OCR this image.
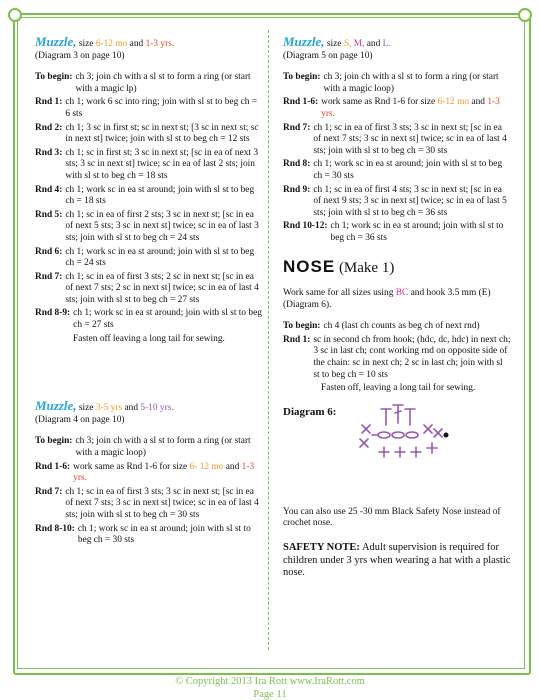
Muzzle, size 6-12 mo and 1-3 yrs.

(Diagram 3 on page 10)

To begin: ch 3; join ch with a sl st to form a ring (or start with a magic lp)
Rnd 1: ch 1; work 6 sc into ring; join with sl st to beg ch = 6 sts
Rnd 2: ch 1; 3 sc in first st; sc in next st; [3 sc in next st; sc in next st] twice; join with sl st to beg ch = 12 sts
Rnd 3: ch 1; sc in first st; 3 sc in next st; [sc in ea of next 3 sts; 3 sc in next st] twice; sc in ea of last 2 sts; join with sl st to beg ch = 18 sts
Rnd 4: ch 1; work sc in ea st around; join with sl st to beg ch = 18 sts
Rnd 5: ch 1; sc in ea of first 2 sts; 3 sc in next st; [sc in ea of next 5 sts; 3 sc in next st] twice; sc in ea of last 3 sts; join with sl st to beg ch = 24 sts
Rnd 6: ch 1; work sc in ea st around; join with sl st to beg ch = 24 sts
Rnd 7: ch 1; sc in ea of first 3 sts; 2 sc in next st; [sc in ea of next 7 sts; 2 sc in next st] twice; sc in ea of last 4 sts; join with sl st to beg ch = 27 sts
Rnd 8-9: ch 1; work sc in ea st around; join with sl st to beg ch = 27 sts

Fasten off leaving a long tail for sewing.

Muzzle, size 3-5 yrs and 5-10 yrs.

(Diagram 4 on page 10)

To begin: ch 3; join ch with a sl st to form a ring (or start with a magic loop)
Rnd 1-6: work same as Rnd 1-6 for size 6- 12 mo and 1-3 yrs.
Rnd 7: ch 1; sc in ea of first 3 sts; 3 sc in next st; [sc in ea of next 7 sts; 3 sc in next st] twice; sc in ea of last 4 sts; join with sl st to beg ch = 30 sts
Rnd 8-10: ch 1; work sc in ea st around; join with sl st to beg ch = 30 sts

Muzzle, size S, M, and L.

(Diagram 5 on page 10)

To begin: ch 3; join ch with a sl st to form a ring (or start with a magic loop)
Rnd 1-6: work same as Rnd 1-6 for size 6-12 mo and 1-3 yrs.
Rnd 7: ch 1; sc in ea of first 3 sts; 3 sc in next st; [sc in ea of next 7 sts; 3 sc in next st] twice; sc in ea of last 4 sts; join with sl st to beg ch = 30 sts
Rnd 8: ch 1; work sc in ea st around; join with sl st to beg ch = 30 sts
Rnd 9: ch 1; sc in ea of first 4 sts; 3 sc in next st; [sc in ea of next 9 sts; 3 sc in next st] twice; sc in ea of last 5 sts; join with sl st to beg ch = 36 sts
Rnd 10-12: ch 1; work sc in ea st around; join with sl st to beg ch = 36 sts

NOSE (Make 1)

Work same for all sizes using BC and hook 3.5 mm (E) (Diagram 6).

To begin: ch 4 (last ch counts as beg ch of next rnd)
Rnd 1: sc in second ch from hook; (hdc, dc, hdc) in next ch; 3 sc in last ch; cont working rnd on opposite side of the chain: sc in next ch; 2 sc in last ch; join with sl st to beg ch = 10 sts

Fasten off, leaving a long tail for sewing.

Diagram 6:

You can also use 25 -30 mm Black Safety Nose instead of crochet nose.

SAFETY NOTE: Adult supervision is required for children under 3 yrs when wearing a hat with a plastic nose.

© Copyright 2013 Ira Rott www.IraRott.com
Page 11
